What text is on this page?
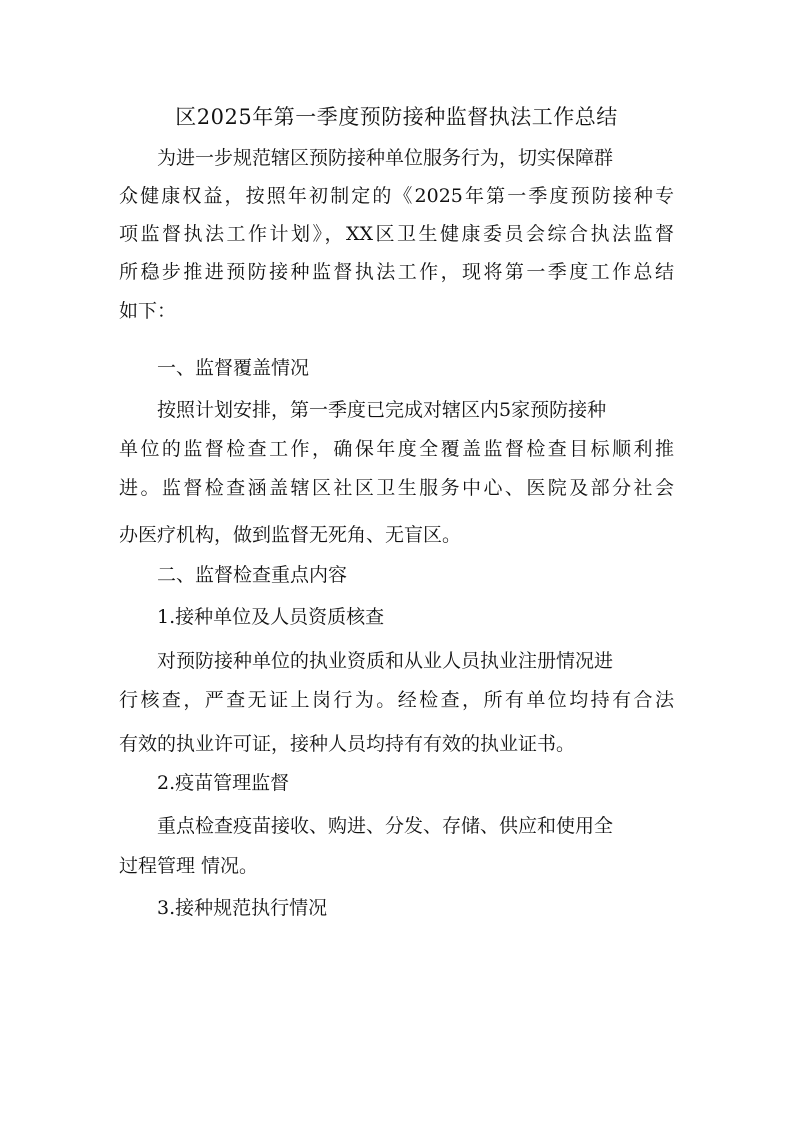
区2025年第一季度预防接种监督执法工作总结

为进一步规范辖区预防接种单位服务行为，切实保障群

众健康权益，按照年初制定的《2025年第一季度预防接种专

项监督执法工作计划》，XX区卫生健康委员会综合执法监督

所稳步推进预防接种监督执法工作，现将第一季度工作总结

如下：

一、监督覆盖情况

按照计划安排，第一季度已完成对辖区内5家预防接种

单位的监督检查工作，确保年度全覆盖监督检查目标顺利推

进。监督检查涵盖辖区社区卫生服务中心、医院及部分社会

办医疗机构，做到监督无死角、无盲区。

二、监督检查重点内容

1.接种单位及人员资质核查

对预防接种单位的执业资质和从业人员执业注册情况进

行核查，严查无证上岗行为。经检查，所有单位均持有合法

有效的执业许可证，接种人员均持有有效的执业证书。

2.疫苗管理监督

重点检查疫苗接收、购进、分发、存储、供应和使用全

过程管理 情况。

3.接种规范执行情况
